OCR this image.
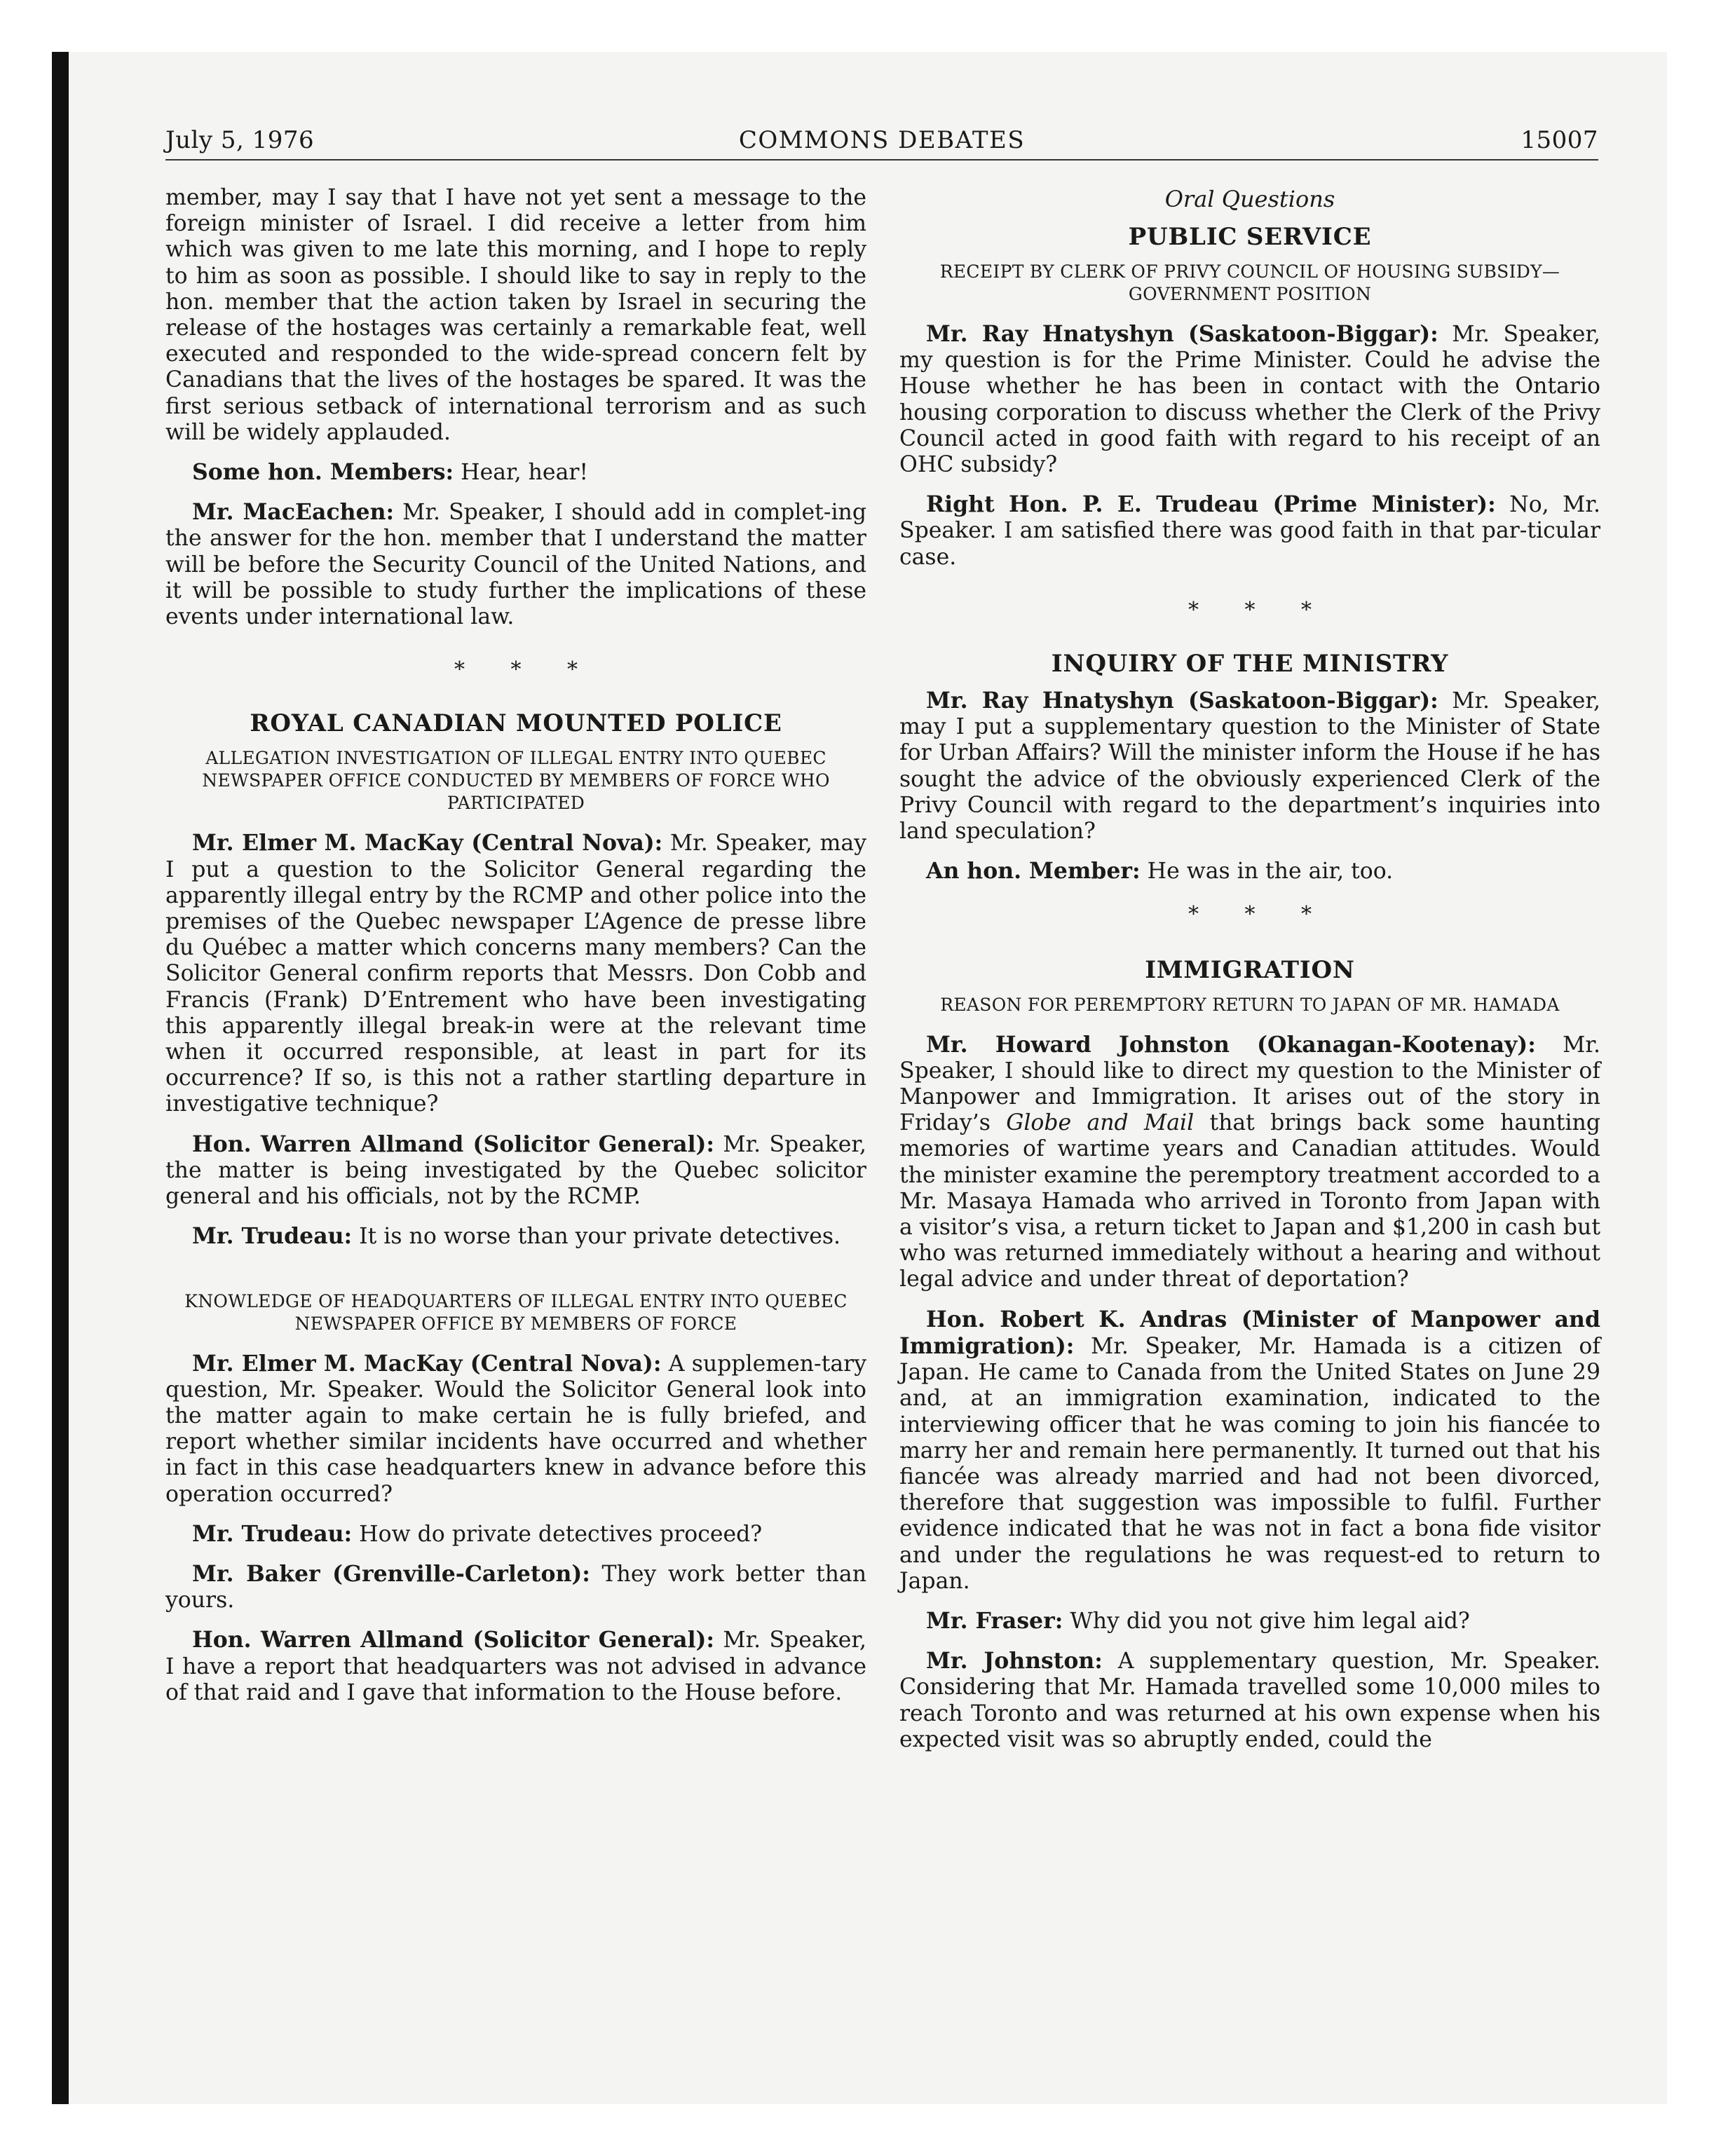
July 5, 1976	COMMONS DEBATES	15007

member, may I say that I have not yet sent a message to the foreign minister of Israel. I did receive a letter from him which was given to me late this morning, and I hope to reply to him as soon as possible. I should like to say in reply to the hon. member that the action taken by Israel in securing the release of the hostages was certainly a remarkable feat, well executed and responded to the wide-spread concern felt by Canadians that the lives of the hostages be spared. It was the first serious setback of international terrorism and as such will be widely applauded.

Some hon. Members: Hear, hear!

Mr. MacEachen: Mr. Speaker, I should add in complet-ing the answer for the hon. member that I understand the matter will be before the Security Council of the United Nations, and it will be possible to study further the implications of these events under international law.

* * *
ROYAL CANADIAN MOUNTED POLICE
ALLEGATION INVESTIGATION OF ILLEGAL ENTRY INTO QUEBEC NEWSPAPER OFFICE CONDUCTED BY MEMBERS OF FORCE WHO PARTICIPATED

Mr. Elmer M. MacKay (Central Nova): Mr. Speaker, may I put a question to the Solicitor General regarding the apparently illegal entry by the RCMP and other police into the premises of the Quebec newspaper L’Agence de presse libre du Québec a matter which concerns many members? Can the Solicitor General confirm reports that Messrs. Don Cobb and Francis (Frank) D’Entrement who have been investigating this apparently illegal break-in were at the relevant time when it occurred responsible, at least in part for its occurrence? If so, is this not a rather startling departure in investigative technique?

Hon. Warren Allmand (Solicitor General): Mr. Speaker, the matter is being investigated by the Quebec solicitor general and his officials, not by the RCMP.

Mr. Trudeau: It is no worse than your private detectives.

KNOWLEDGE OF HEADQUARTERS OF ILLEGAL ENTRY INTO QUEBEC NEWSPAPER OFFICE BY MEMBERS OF FORCE

Mr. Elmer M. MacKay (Central Nova): A supplemen-tary question, Mr. Speaker. Would the Solicitor General look into the matter again to make certain he is fully briefed, and report whether similar incidents have occurred and whether in fact in this case headquarters knew in advance before this operation occurred?

Mr. Trudeau: How do private detectives proceed?

Mr. Baker (Grenville-Carleton): They work better than yours.

Hon. Warren Allmand (Solicitor General): Mr. Speaker, I have a report that headquarters was not advised in advance of that raid and I gave that information to the House before.

Oral Questions
PUBLIC SERVICE
RECEIPT BY CLERK OF PRIVY COUNCIL OF HOUSING SUBSIDY—GOVERNMENT POSITION

Mr. Ray Hnatyshyn (Saskatoon-Biggar): Mr. Speaker, my question is for the Prime Minister. Could he advise the House whether he has been in contact with the Ontario housing corporation to discuss whether the Clerk of the Privy Council acted in good faith with regard to his receipt of an OHC subsidy?

Right Hon. P. E. Trudeau (Prime Minister): No, Mr. Speaker. I am satisfied there was good faith in that par-ticular case.

* * *
INQUIRY OF THE MINISTRY

Mr. Ray Hnatyshyn (Saskatoon-Biggar): Mr. Speaker, may I put a supplementary question to the Minister of State for Urban Affairs? Will the minister inform the House if he has sought the advice of the obviously experienced Clerk of the Privy Council with regard to the department’s inquiries into land speculation?

An hon. Member: He was in the air, too.

* * *
IMMIGRATION
REASON FOR PEREMPTORY RETURN TO JAPAN OF MR. HAMADA

Mr. Howard Johnston (Okanagan-Kootenay): Mr. Speaker, I should like to direct my question to the Minister of Manpower and Immigration. It arises out of the story in Friday’s Globe and Mail that brings back some haunting memories of wartime years and Canadian attitudes. Would the minister examine the peremptory treatment accorded to a Mr. Masaya Hamada who arrived in Toronto from Japan with a visitor’s visa, a return ticket to Japan and $1,200 in cash but who was returned immediately without a hearing and without legal advice and under threat of deportation?

Hon. Robert K. Andras (Minister of Manpower and Immigration): Mr. Speaker, Mr. Hamada is a citizen of Japan. He came to Canada from the United States on June 29 and, at an immigration examination, indicated to the interviewing officer that he was coming to join his fiancée to marry her and remain here permanently. It turned out that his fiancée was already married and had not been divorced, therefore that suggestion was impossible to fulfil. Further evidence indicated that he was not in fact a bona fide visitor and under the regulations he was request-ed to return to Japan.

Mr. Fraser: Why did you not give him legal aid?

Mr. Johnston: A supplementary question, Mr. Speaker. Considering that Mr. Hamada travelled some 10,000 miles to reach Toronto and was returned at his own expense when his expected visit was so abruptly ended, could the
